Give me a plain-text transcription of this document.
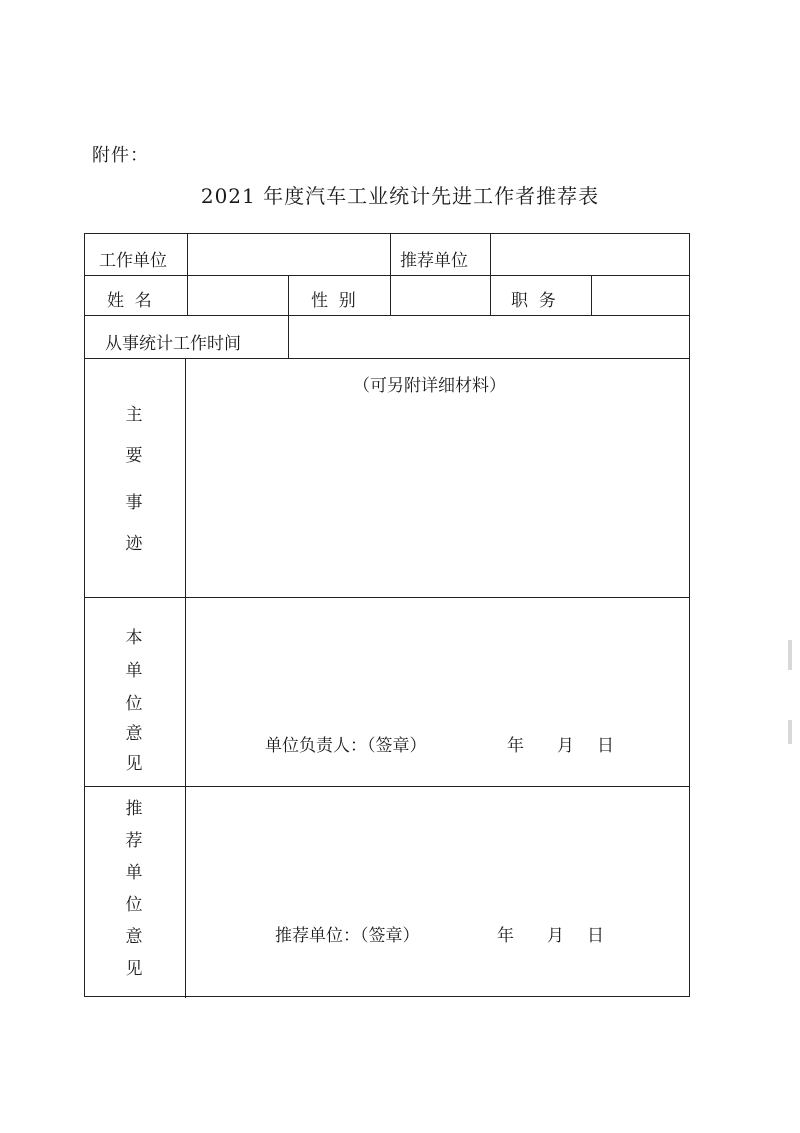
附件：
2021 年度汽车工业统计先进工作者推荐表
工作单位	推荐单位
姓  名	性  别	职  务
从事统计工作时间
主
要
事
迹
（可另附详细材料）
本
单
位
意
见
单位负责人：（签章）	年 月 日
推
荐
单
位
意
见
推荐单位：（签章）	年 月 日
